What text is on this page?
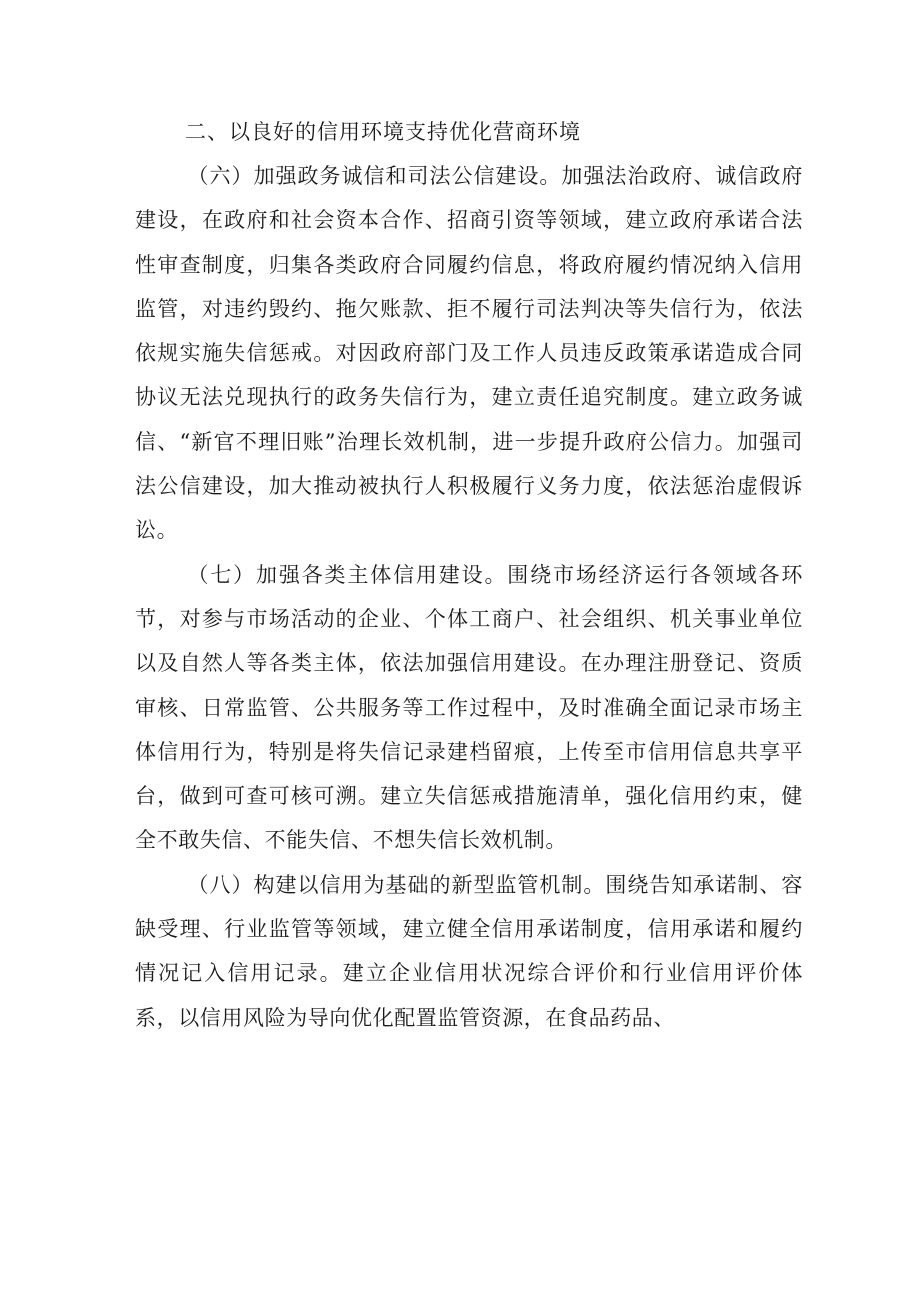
二、以良好的信用环境支持优化营商环境

（六）加强政务诚信和司法公信建设。加强法治政府、诚信政府建设，在政府和社会资本合作、招商引资等领域，建立政府承诺合法性审查制度，归集各类政府合同履约信息，将政府履约情况纳入信用监管，对违约毁约、拖欠账款、拒不履行司法判决等失信行为，依法依规实施失信惩戒。对因政府部门及工作人员违反政策承诺造成合同协议无法兑现执行的政务失信行为，建立责任追究制度。建立政务诚信、“新官不理旧账”治理长效机制，进一步提升政府公信力。加强司法公信建设，加大推动被执行人积极履行义务力度，依法惩治虚假诉讼。

（七）加强各类主体信用建设。围绕市场经济运行各领域各环节，对参与市场活动的企业、个体工商户、社会组织、机关事业单位以及自然人等各类主体，依法加强信用建设。在办理注册登记、资质审核、日常监管、公共服务等工作过程中，及时准确全面记录市场主体信用行为，特别是将失信记录建档留痕，上传至市信用信息共享平台，做到可查可核可溯。建立失信惩戒措施清单，强化信用约束，健全不敢失信、不能失信、不想失信长效机制。

（八）构建以信用为基础的新型监管机制。围绕告知承诺制、容缺受理、行业监管等领域，建立健全信用承诺制度，信用承诺和履约情况记入信用记录。建立企业信用状况综合评价和行业信用评价体系，以信用风险为导向优化配置监管资源，在食品药品、
